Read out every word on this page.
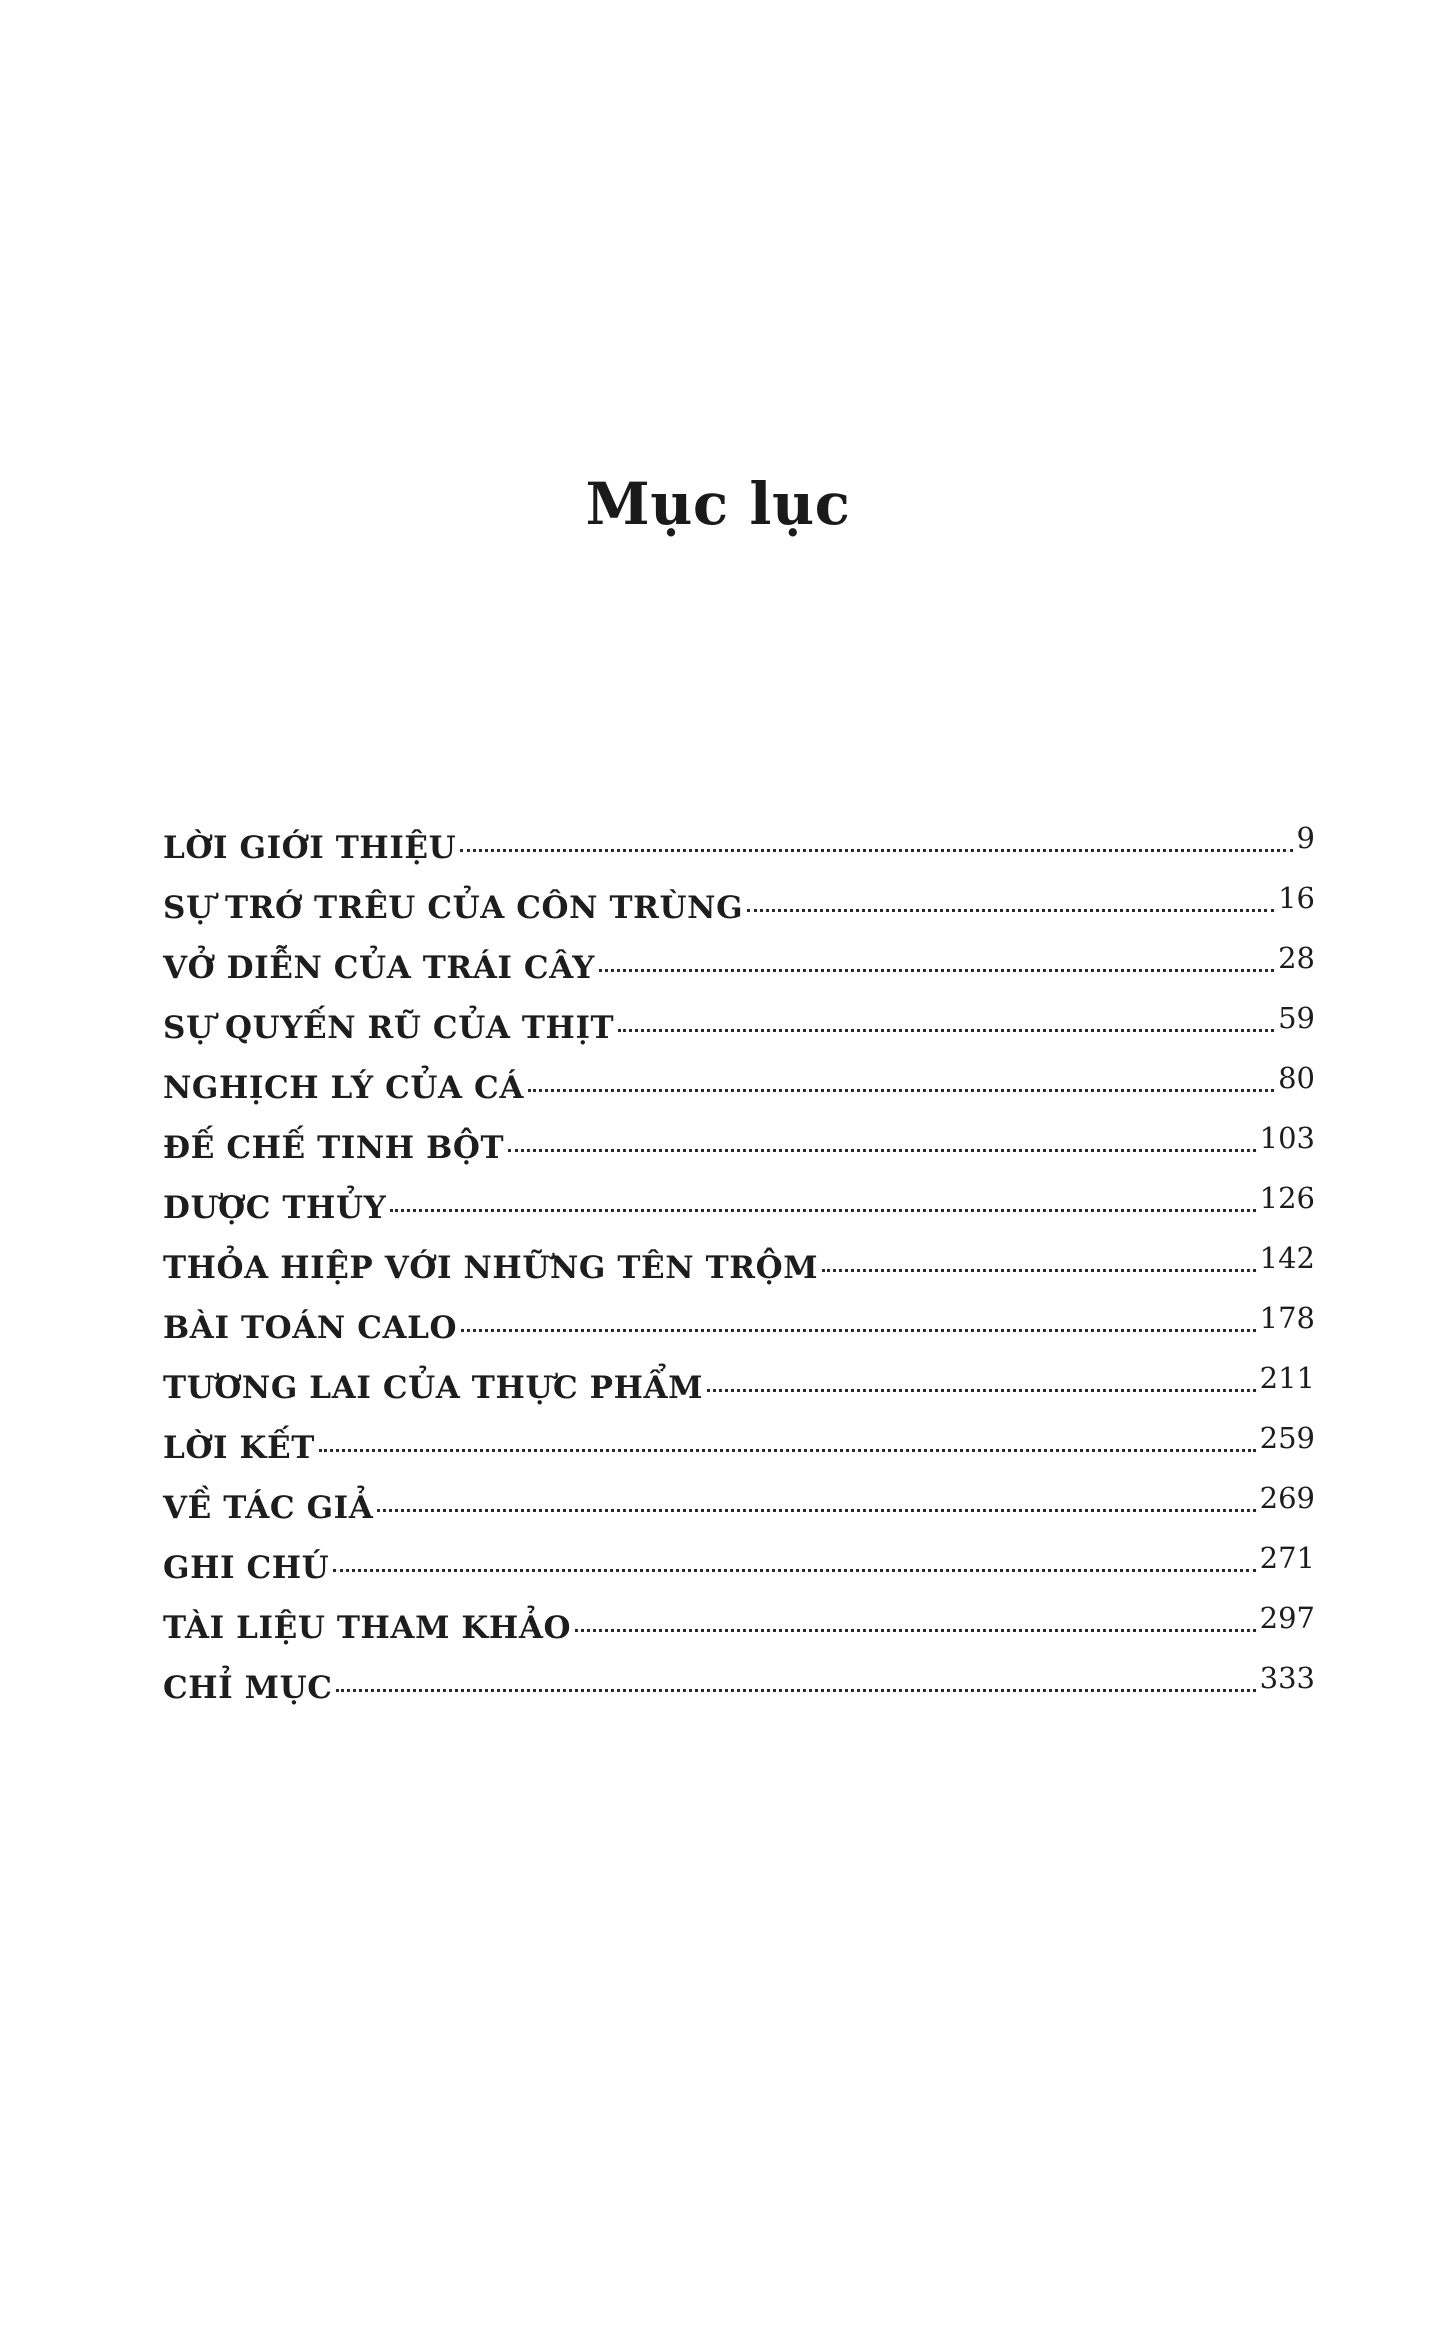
Mục lục
LỜI GIỚI THIỆU	9
SỰ TRỚ TRÊU CỦA CÔN TRÙNG	16
VỞ DIỄN CỦA TRÁI CÂY	28
SỰ QUYẾN RŨ CỦA THỊT	59
NGHỊCH LÝ CỦA CÁ	80
ĐẾ CHẾ TINH BỘT	103
DƯỢC THỦY	126
THỎA HIỆP VỚI NHỮNG TÊN TRỘM	142
BÀI TOÁN CALO	178
TƯƠNG LAI CỦA THỰC PHẨM	211
LỜI KẾT	259
VỀ TÁC GIẢ	269
GHI CHÚ	271
TÀI LIỆU THAM KHẢO	297
CHỈ MỤC	333
